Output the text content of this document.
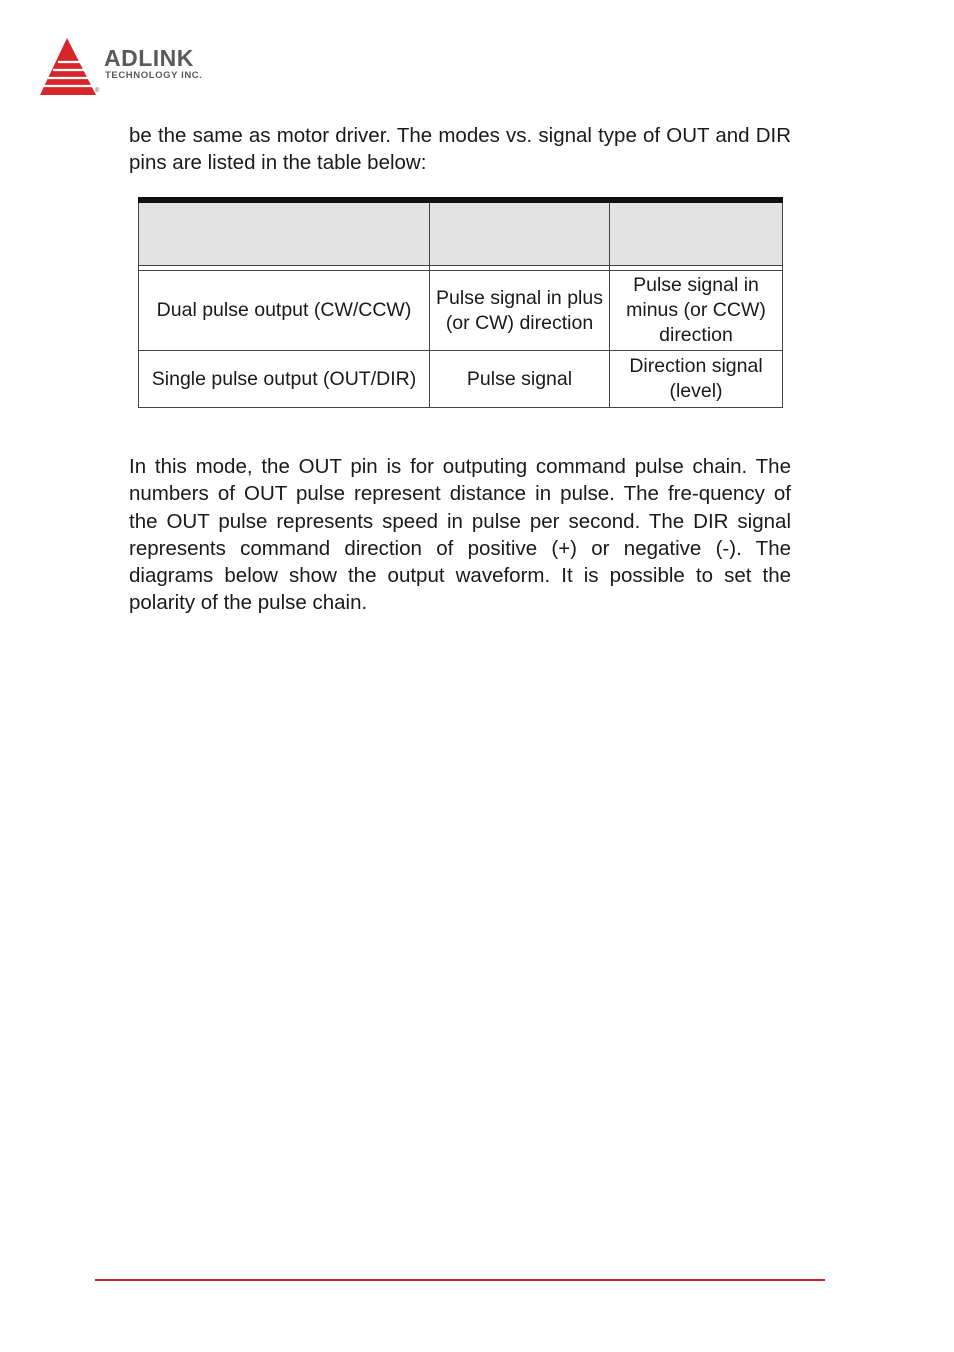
®
ADLINK
TECHNOLOGY INC.

be the same as motor driver. The modes vs. signal type of OUT and DIR pins are listed in the table below:

Dual pulse output (CW/CCW)	Pulse signal in plus (or CW) direction	Pulse signal in minus (or CCW) direction
Single pulse output (OUT/DIR)	Pulse signal	Direction signal (level)

In this mode, the OUT pin is for outputing command pulse chain. The numbers of OUT pulse represent distance in pulse. The fre-quency of the OUT pulse represents speed in pulse per second. The DIR signal represents command direction of positive (+) or negative (-). The diagrams below show the output waveform. It is possible to set the polarity of the pulse chain.
